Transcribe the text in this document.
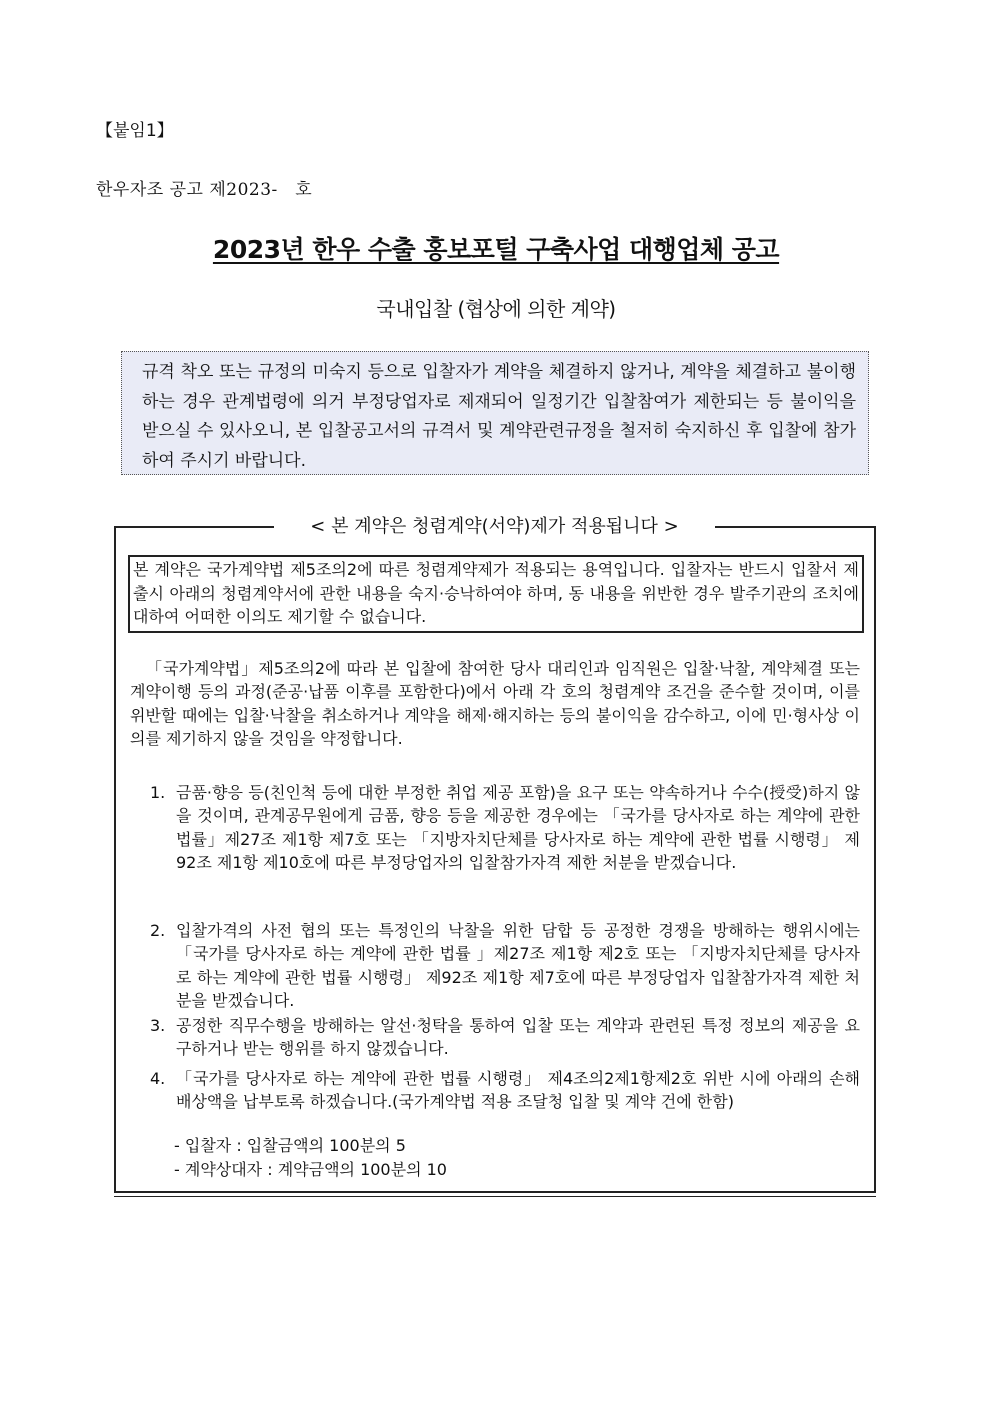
【붙임1】
한우자조 공고 제2023-　호
2023년 한우 수출 홍보포털 구축사업 대행업체 공고
국내입찰 (협상에 의한 계약)
규격 착오 또는 규정의 미숙지 등으로 입찰자가 계약을 체결하지 않거나, 계약을 체결하고 불이행하는 경우 관계법령에 의거 부정당업자로 제재되어 일정기간 입찰참여가 제한되는 등 불이익을 받으실 수 있사오니, 본 입찰공고서의 규격서 및 계약관련규정을 철저히 숙지하신 후 입찰에 참가하여 주시기 바랍니다.
< 본 계약은 청렴계약(서약)제가 적용됩니다 >
본 계약은 국가계약법 제5조의2에 따른 청렴계약제가 적용되는 용역입니다. 입찰자는 반드시 입찰서 제출시 아래의 청렴계약서에 관한 내용을 숙지·승낙하여야 하며, 동 내용을 위반한 경우 발주기관의 조치에 대하여 어떠한 이의도 제기할 수 없습니다.

「국가계약법」제5조의2에 따라 본 입찰에 참여한 당사 대리인과 임직원은 입찰·낙찰, 계약체결 또는 계약이행 등의 과정(준공·납품 이후를 포함한다)에서 아래 각 호의 청렴계약 조건을 준수할 것이며, 이를 위반할 때에는 입찰·낙찰을 취소하거나 계약을 해제·해지하는 등의 불이익을 감수하고, 이에 민·형사상 이의를 제기하지 않을 것임을 약정합니다.

1. 금품·향응 등(친인척 등에 대한 부정한 취업 제공 포함)을 요구 또는 약속하거나 수수(授受)하지 않을 것이며, 관계공무원에게 금품, 향응 등을 제공한 경우에는 「국가를 당사자로 하는 계약에 관한 법률」제27조 제1항 제7호 또는 「지방자치단체를 당사자로 하는 계약에 관한 법률 시행령」 제92조 제1항 제10호에 따른 부정당업자의 입찰참가자격 제한 처분을 받겠습니다.
2. 입찰가격의 사전 협의 또는 특정인의 낙찰을 위한 담합 등 공정한 경쟁을 방해하는 행위시에는 「국가를 당사자로 하는 계약에 관한 법률 」제27조 제1항 제2호 또는 「지방자치단체를 당사자로 하는 계약에 관한 법률 시행령」 제92조 제1항 제7호에 따른 부정당업자 입찰참가자격 제한 처분을 받겠습니다.
3. 공정한 직무수행을 방해하는 알선·청탁을 통하여 입찰 또는 계약과 관련된 특정 정보의 제공을 요구하거나 받는 행위를 하지 않겠습니다.
4. 「국가를 당사자로 하는 계약에 관한 법률 시행령」 제4조의2제1항제2호 위반 시에 아래의 손해배상액을 납부토록 하겠습니다.(국가계약법 적용 조달청 입찰 및 계약 건에 한함)
- 입찰자 : 입찰금액의 100분의 5
- 계약상대자 : 계약금액의 100분의 10
